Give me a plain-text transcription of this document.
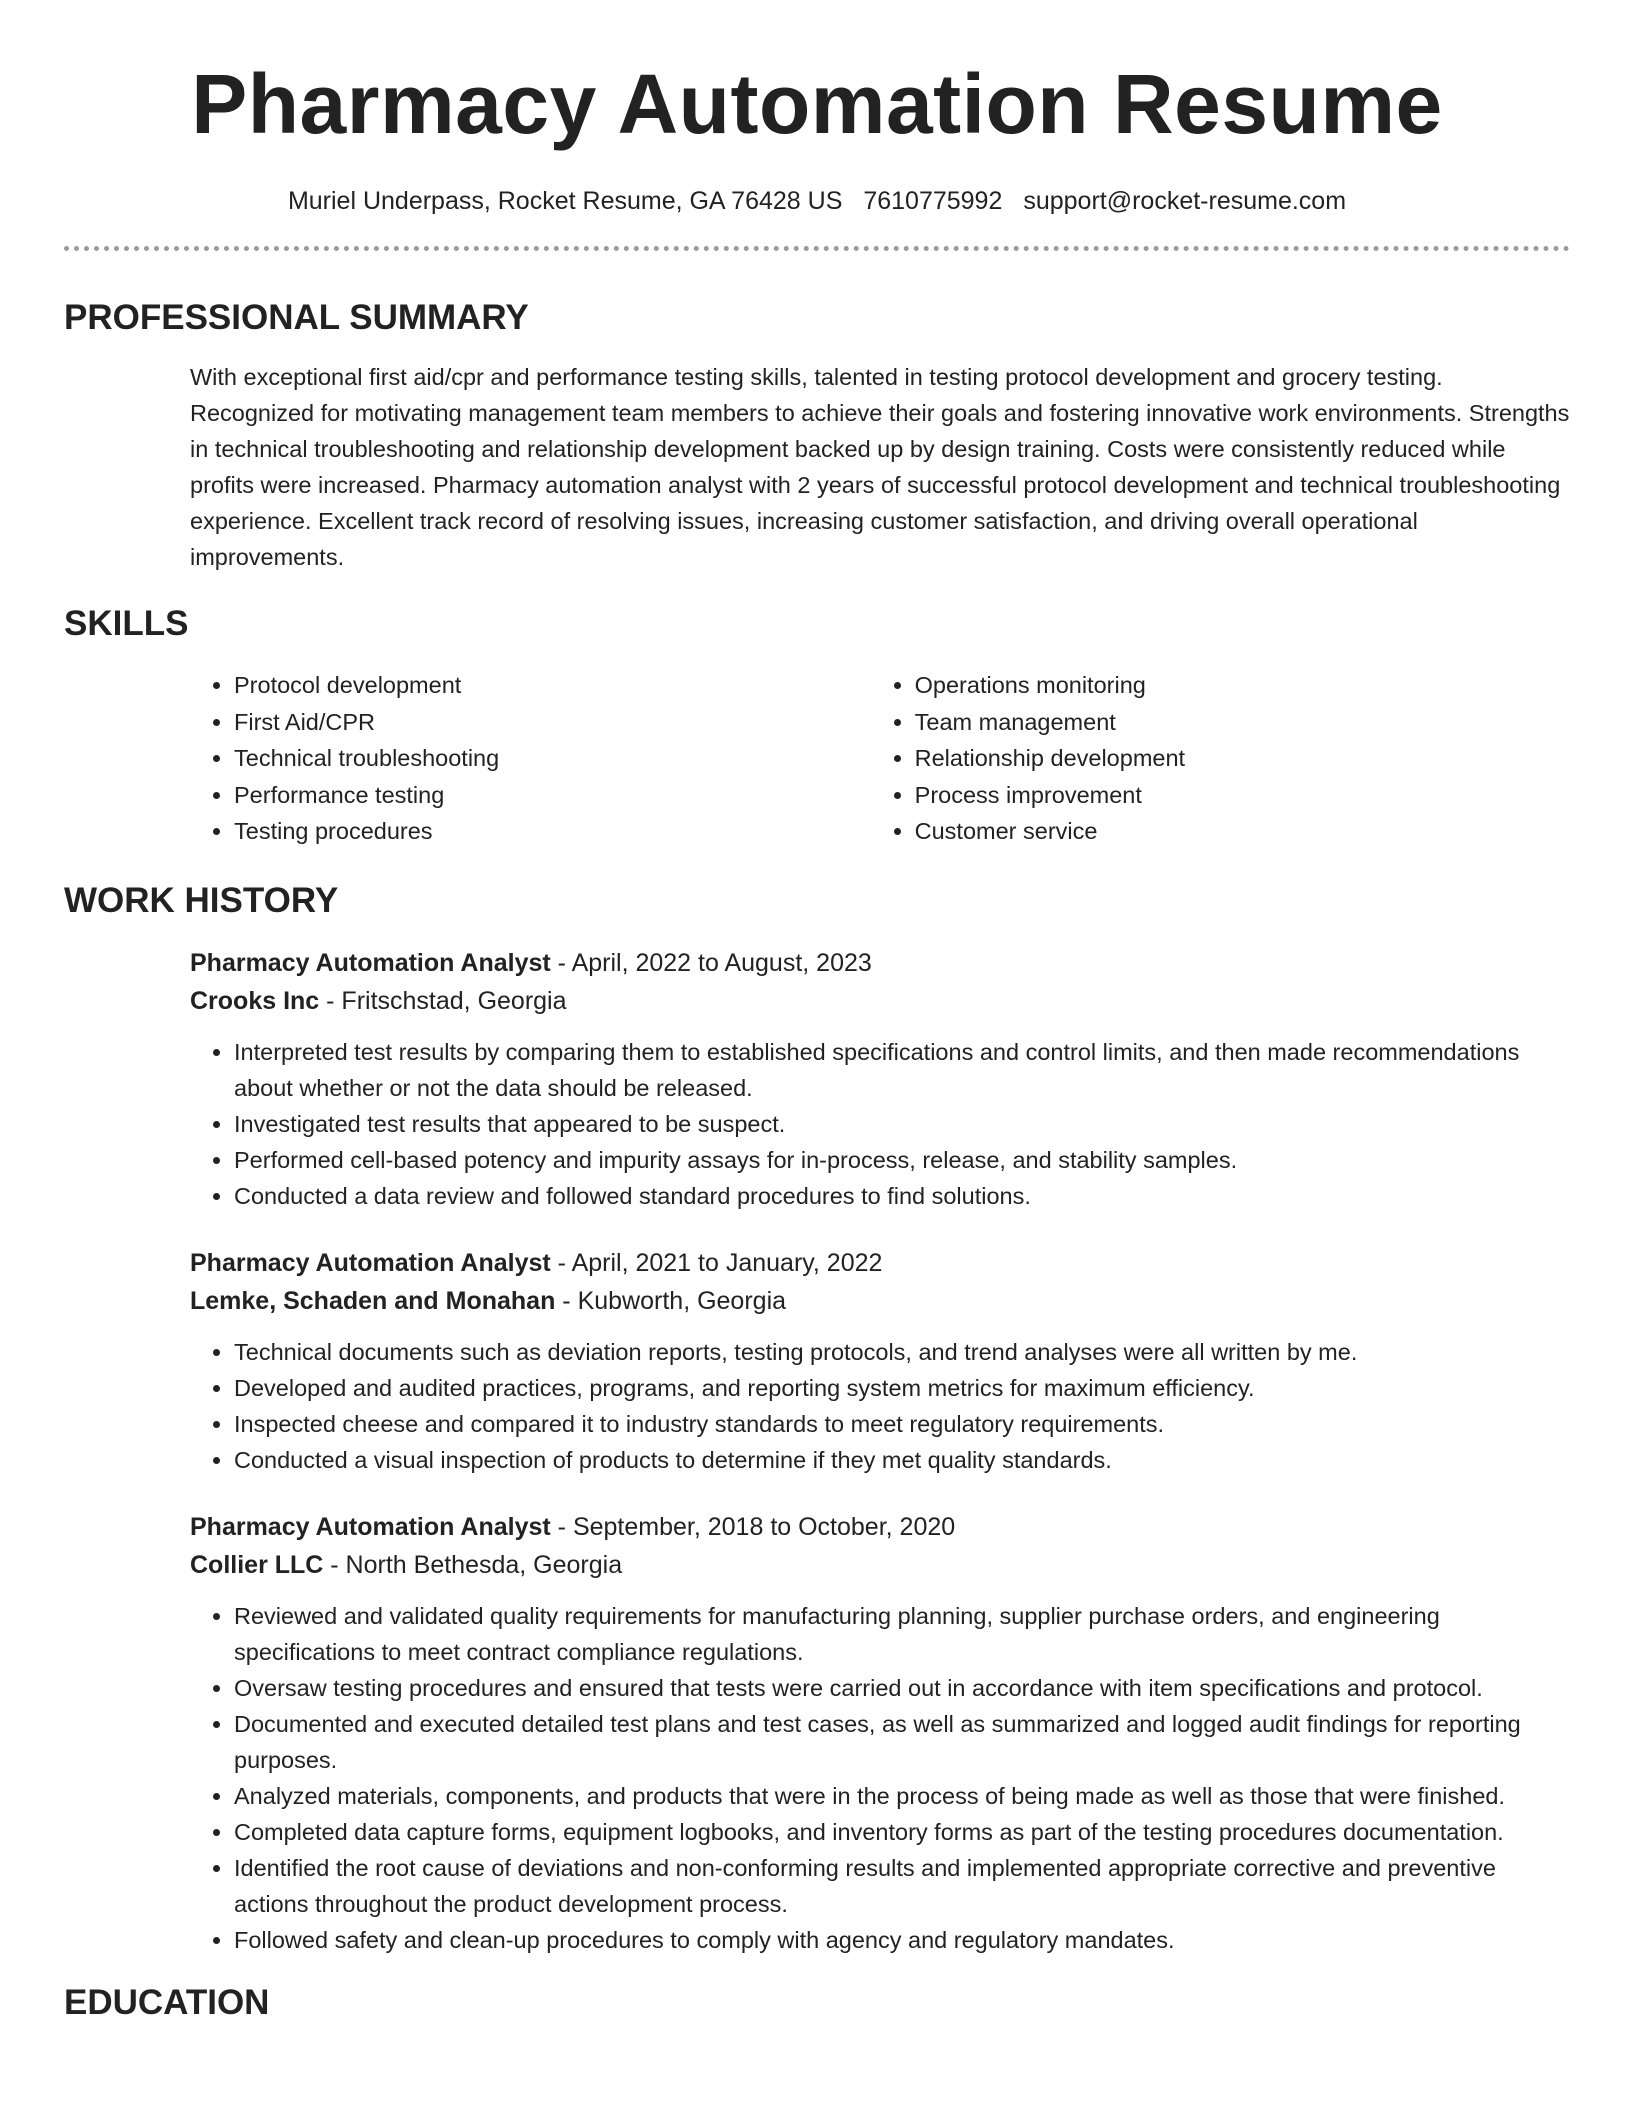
Pharmacy Automation Resume
Muriel Underpass, Rocket Resume, GA 76428 US 7610775992 support@rocket-resume.com
PROFESSIONAL SUMMARY
With exceptional first aid/cpr and performance testing skills, talented in testing protocol development and grocery testing. Recognized for motivating management team members to achieve their goals and fostering innovative work environments. Strengths in technical troubleshooting and relationship development backed up by design training. Costs were consistently reduced while profits were increased. Pharmacy automation analyst with 2 years of successful protocol development and technical troubleshooting experience. Excellent track record of resolving issues, increasing customer satisfaction, and driving overall operational improvements.
SKILLS
• Protocol development
• First Aid/CPR
• Technical troubleshooting
• Performance testing
• Testing procedures
• Operations monitoring
• Team management
• Relationship development
• Process improvement
• Customer service
WORK HISTORY
Pharmacy Automation Analyst - April, 2022 to August, 2023
Crooks Inc - Fritschstad, Georgia
• Interpreted test results by comparing them to established specifications and control limits, and then made recommendations about whether or not the data should be released.
• Investigated test results that appeared to be suspect.
• Performed cell-based potency and impurity assays for in-process, release, and stability samples.
• Conducted a data review and followed standard procedures to find solutions.
Pharmacy Automation Analyst - April, 2021 to January, 2022
Lemke, Schaden and Monahan - Kubworth, Georgia
• Technical documents such as deviation reports, testing protocols, and trend analyses were all written by me.
• Developed and audited practices, programs, and reporting system metrics for maximum efficiency.
• Inspected cheese and compared it to industry standards to meet regulatory requirements.
• Conducted a visual inspection of products to determine if they met quality standards.
Pharmacy Automation Analyst - September, 2018 to October, 2020
Collier LLC - North Bethesda, Georgia
• Reviewed and validated quality requirements for manufacturing planning, supplier purchase orders, and engineering specifications to meet contract compliance regulations.
• Oversaw testing procedures and ensured that tests were carried out in accordance with item specifications and protocol.
• Documented and executed detailed test plans and test cases, as well as summarized and logged audit findings for reporting purposes.
• Analyzed materials, components, and products that were in the process of being made as well as those that were finished.
• Completed data capture forms, equipment logbooks, and inventory forms as part of the testing procedures documentation.
• Identified the root cause of deviations and non-conforming results and implemented appropriate corrective and preventive actions throughout the product development process.
• Followed safety and clean-up procedures to comply with agency and regulatory mandates.
EDUCATION
